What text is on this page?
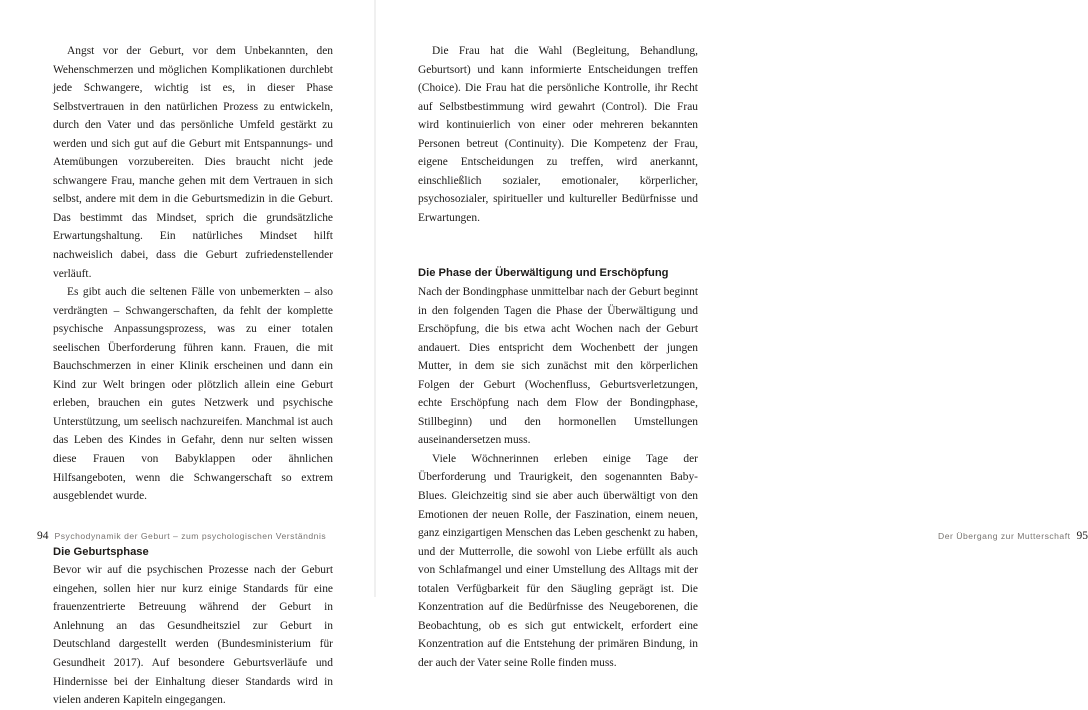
Angst vor der Geburt, vor dem Unbekannten, den Wehenschmerzen und möglichen Komplikationen durchlebt jede Schwangere, wichtig ist es, in dieser Phase Selbstvertrauen in den natürlichen Prozess zu entwickeln, durch den Vater und das persönliche Umfeld gestärkt zu werden und sich gut auf die Geburt mit Entspannungs- und Atemübungen vorzubereiten. Dies braucht nicht jede schwangere Frau, manche gehen mit dem Vertrauen in sich selbst, andere mit dem in die Geburtsmedizin in die Geburt. Das bestimmt das Mindset, sprich die grundsätzliche Erwartungshaltung. Ein natürliches Mindset hilft nachweislich dabei, dass die Geburt zufriedenstellender verläuft.

Es gibt auch die seltenen Fälle von unbemerkten – also verdrängten – Schwangerschaften, da fehlt der komplette psychische Anpassungsprozess, was zu einer totalen seelischen Überforderung führen kann. Frauen, die mit Bauchschmerzen in einer Klinik erscheinen und dann ein Kind zur Welt bringen oder plötzlich allein eine Geburt erleben, brauchen ein gutes Netzwerk und psychische Unterstützung, um seelisch nachzureifen. Manchmal ist auch das Leben des Kindes in Gefahr, denn nur selten wissen diese Frauen von Babyklappen oder ähnlichen Hilfsangeboten, wenn die Schwangerschaft so extrem ausgeblendet wurde.

Die Geburtsphase

Bevor wir auf die psychischen Prozesse nach der Geburt eingehen, sollen hier nur kurz einige Standards für eine frauenzentrierte Betreuung während der Geburt in Anlehnung an das Gesundheitsziel zur Geburt in Deutschland dargestellt werden (Bundesministerium für Gesundheit 2017). Auf besondere Geburtsverläufe und Hindernisse bei der Einhaltung dieser Standards wird in vielen anderen Kapiteln eingegangen.

94 Psychodynamik der Geburt – zum psychologischen Verständnis

Die Frau hat die Wahl (Begleitung, Behandlung, Geburtsort) und kann informierte Entscheidungen treffen (Choice). Die Frau hat die persönliche Kontrolle, ihr Recht auf Selbstbestimmung wird gewahrt (Control). Die Frau wird kontinuierlich von einer oder mehreren bekannten Personen betreut (Continuity). Die Kompetenz der Frau, eigene Entscheidungen zu treffen, wird anerkannt, einschließlich sozialer, emotionaler, körperlicher, psychosozialer, spiritueller und kultureller Bedürfnisse und Erwartungen.

Die Phase der Überwältigung und Erschöpfung

Nach der Bondingphase unmittelbar nach der Geburt beginnt in den folgenden Tagen die Phase der Überwältigung und Erschöpfung, die bis etwa acht Wochen nach der Geburt andauert. Dies entspricht dem Wochenbett der jungen Mutter, in dem sie sich zunächst mit den körperlichen Folgen der Geburt (Wochenfluss, Geburtsverletzungen, echte Erschöpfung nach dem Flow der Bondingphase, Stillbeginn) und den hormonellen Umstellungen auseinandersetzen muss.

Viele Wöchnerinnen erleben einige Tage der Überforderung und Traurigkeit, den sogenannten Baby-Blues. Gleichzeitig sind sie aber auch überwältigt von den Emotionen der neuen Rolle, der Faszination, einem neuen, ganz einzigartigen Menschen das Leben geschenkt zu haben, und der Mutterrolle, die sowohl von Liebe erfüllt als auch von Schlafmangel und einer Umstellung des Alltags mit der totalen Verfügbarkeit für den Säugling geprägt ist. Die Konzentration auf die Bedürfnisse des Neugeborenen, die Beobachtung, ob es sich gut entwickelt, erfordert eine Konzentration auf die Entstehung der primären Bindung, in der auch der Vater seine Rolle finden muss.

Der Übergang zur Mutterschaft 95
